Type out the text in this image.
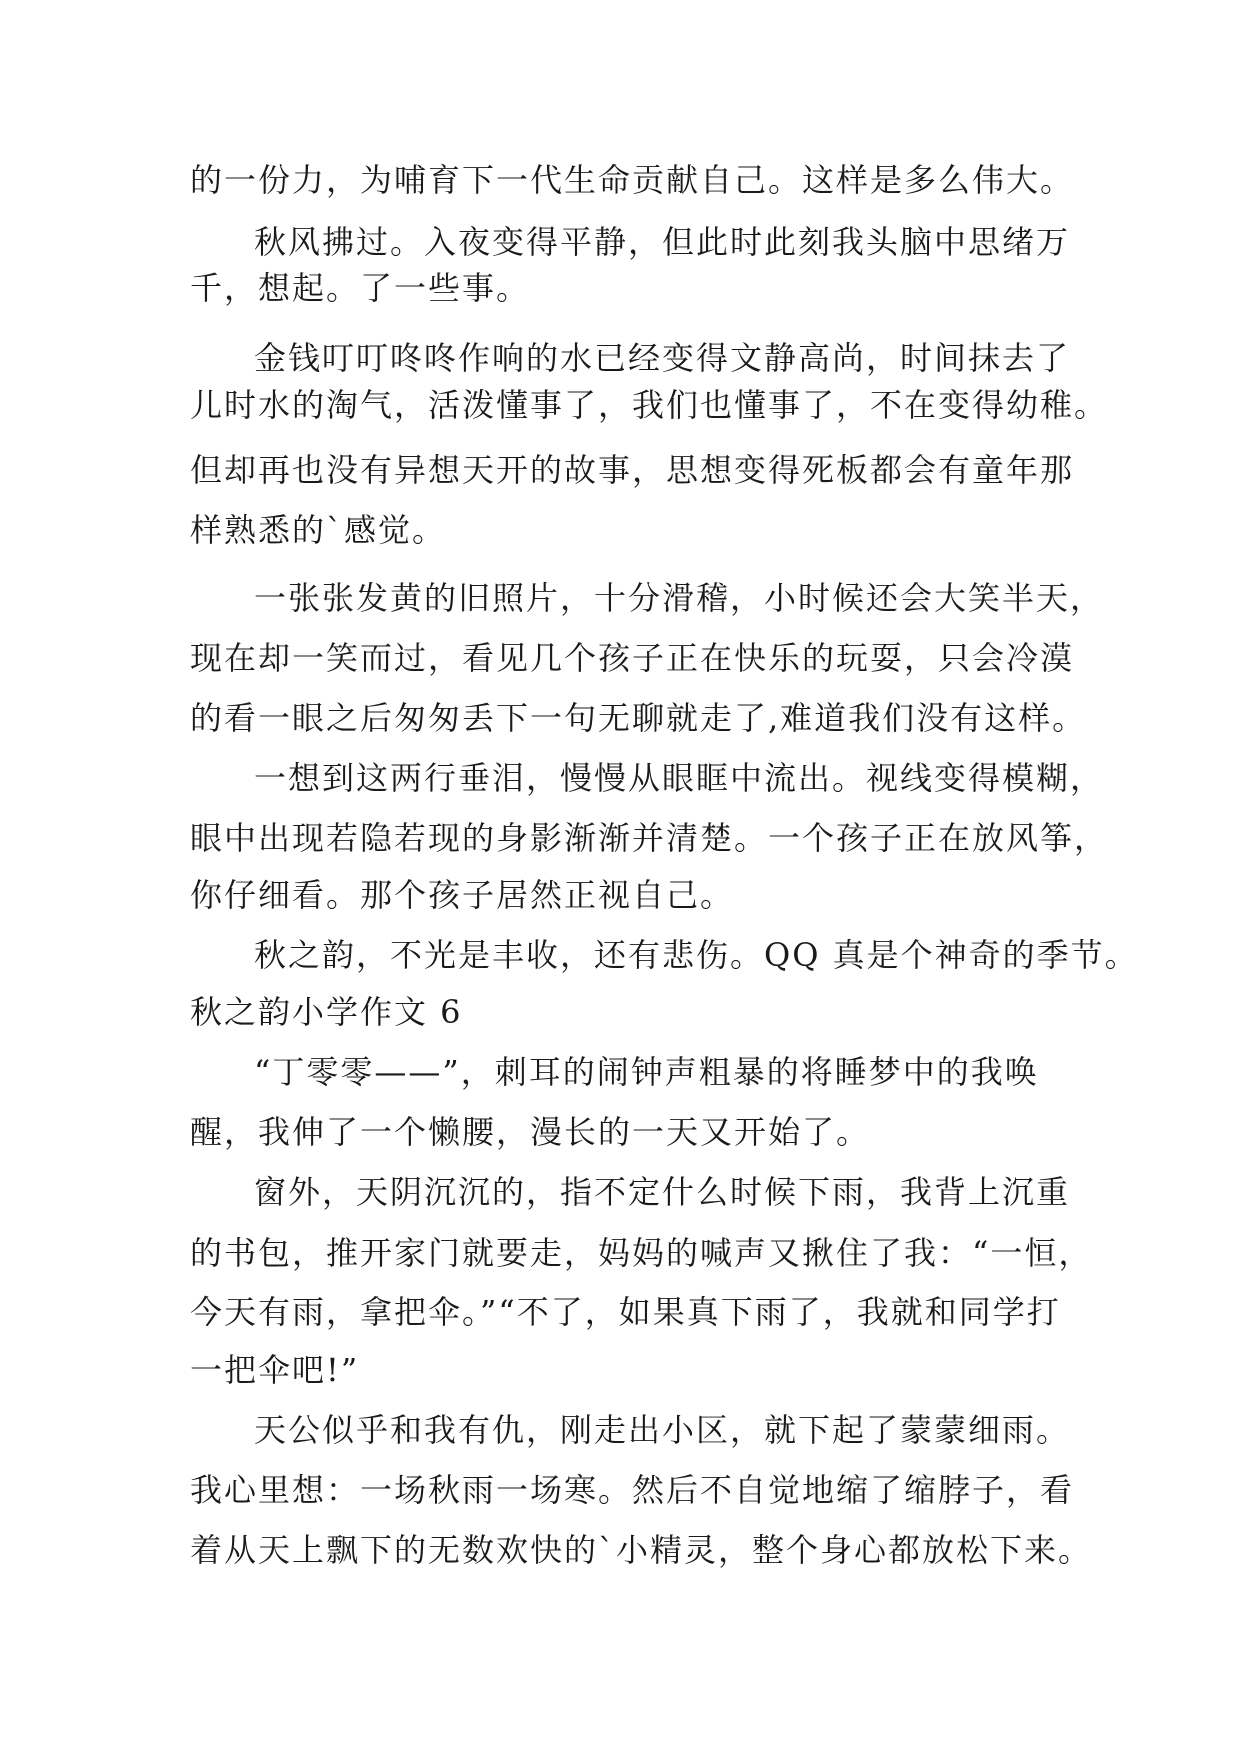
的一份力，为哺育下一代生命贡献自己。这样是多么伟大。
秋风拂过。入夜变得平静，但此时此刻我头脑中思绪万
千，想起。了一些事。
金钱叮叮咚咚作响的水已经变得文静高尚，时间抹去了
儿时水的淘气，活泼懂事了，我们也懂事了，不在变得幼稚。
但却再也没有异想天开的故事，思想变得死板都会有童年那
样熟悉的`感觉。
一张张发黄的旧照片，十分滑稽，小时候还会大笑半天，
现在却一笑而过，看见几个孩子正在快乐的玩耍，只会冷漠
的看一眼之后匆匆丢下一句无聊就走了,难道我们没有这样。
一想到这两行垂泪，慢慢从眼眶中流出。视线变得模糊，
眼中出现若隐若现的身影渐渐并清楚。一个孩子正在放风筝，
你仔细看。那个孩子居然正视自己。
秋之韵，不光是丰收，还有悲伤。QQ 真是个神奇的季节。
秋之韵小学作文 6
“丁零零——”，刺耳的闹钟声粗暴的将睡梦中的我唤
醒，我伸了一个懒腰，漫长的一天又开始了。
窗外，天阴沉沉的，指不定什么时候下雨，我背上沉重
的书包，推开家门就要走，妈妈的喊声又揪住了我：“一恒，
今天有雨，拿把伞。”“不了，如果真下雨了，我就和同学打
一把伞吧!”
天公似乎和我有仇，刚走出小区，就下起了蒙蒙细雨。
我心里想：一场秋雨一场寒。然后不自觉地缩了缩脖子，看
着从天上飘下的无数欢快的`小精灵，整个身心都放松下来。
